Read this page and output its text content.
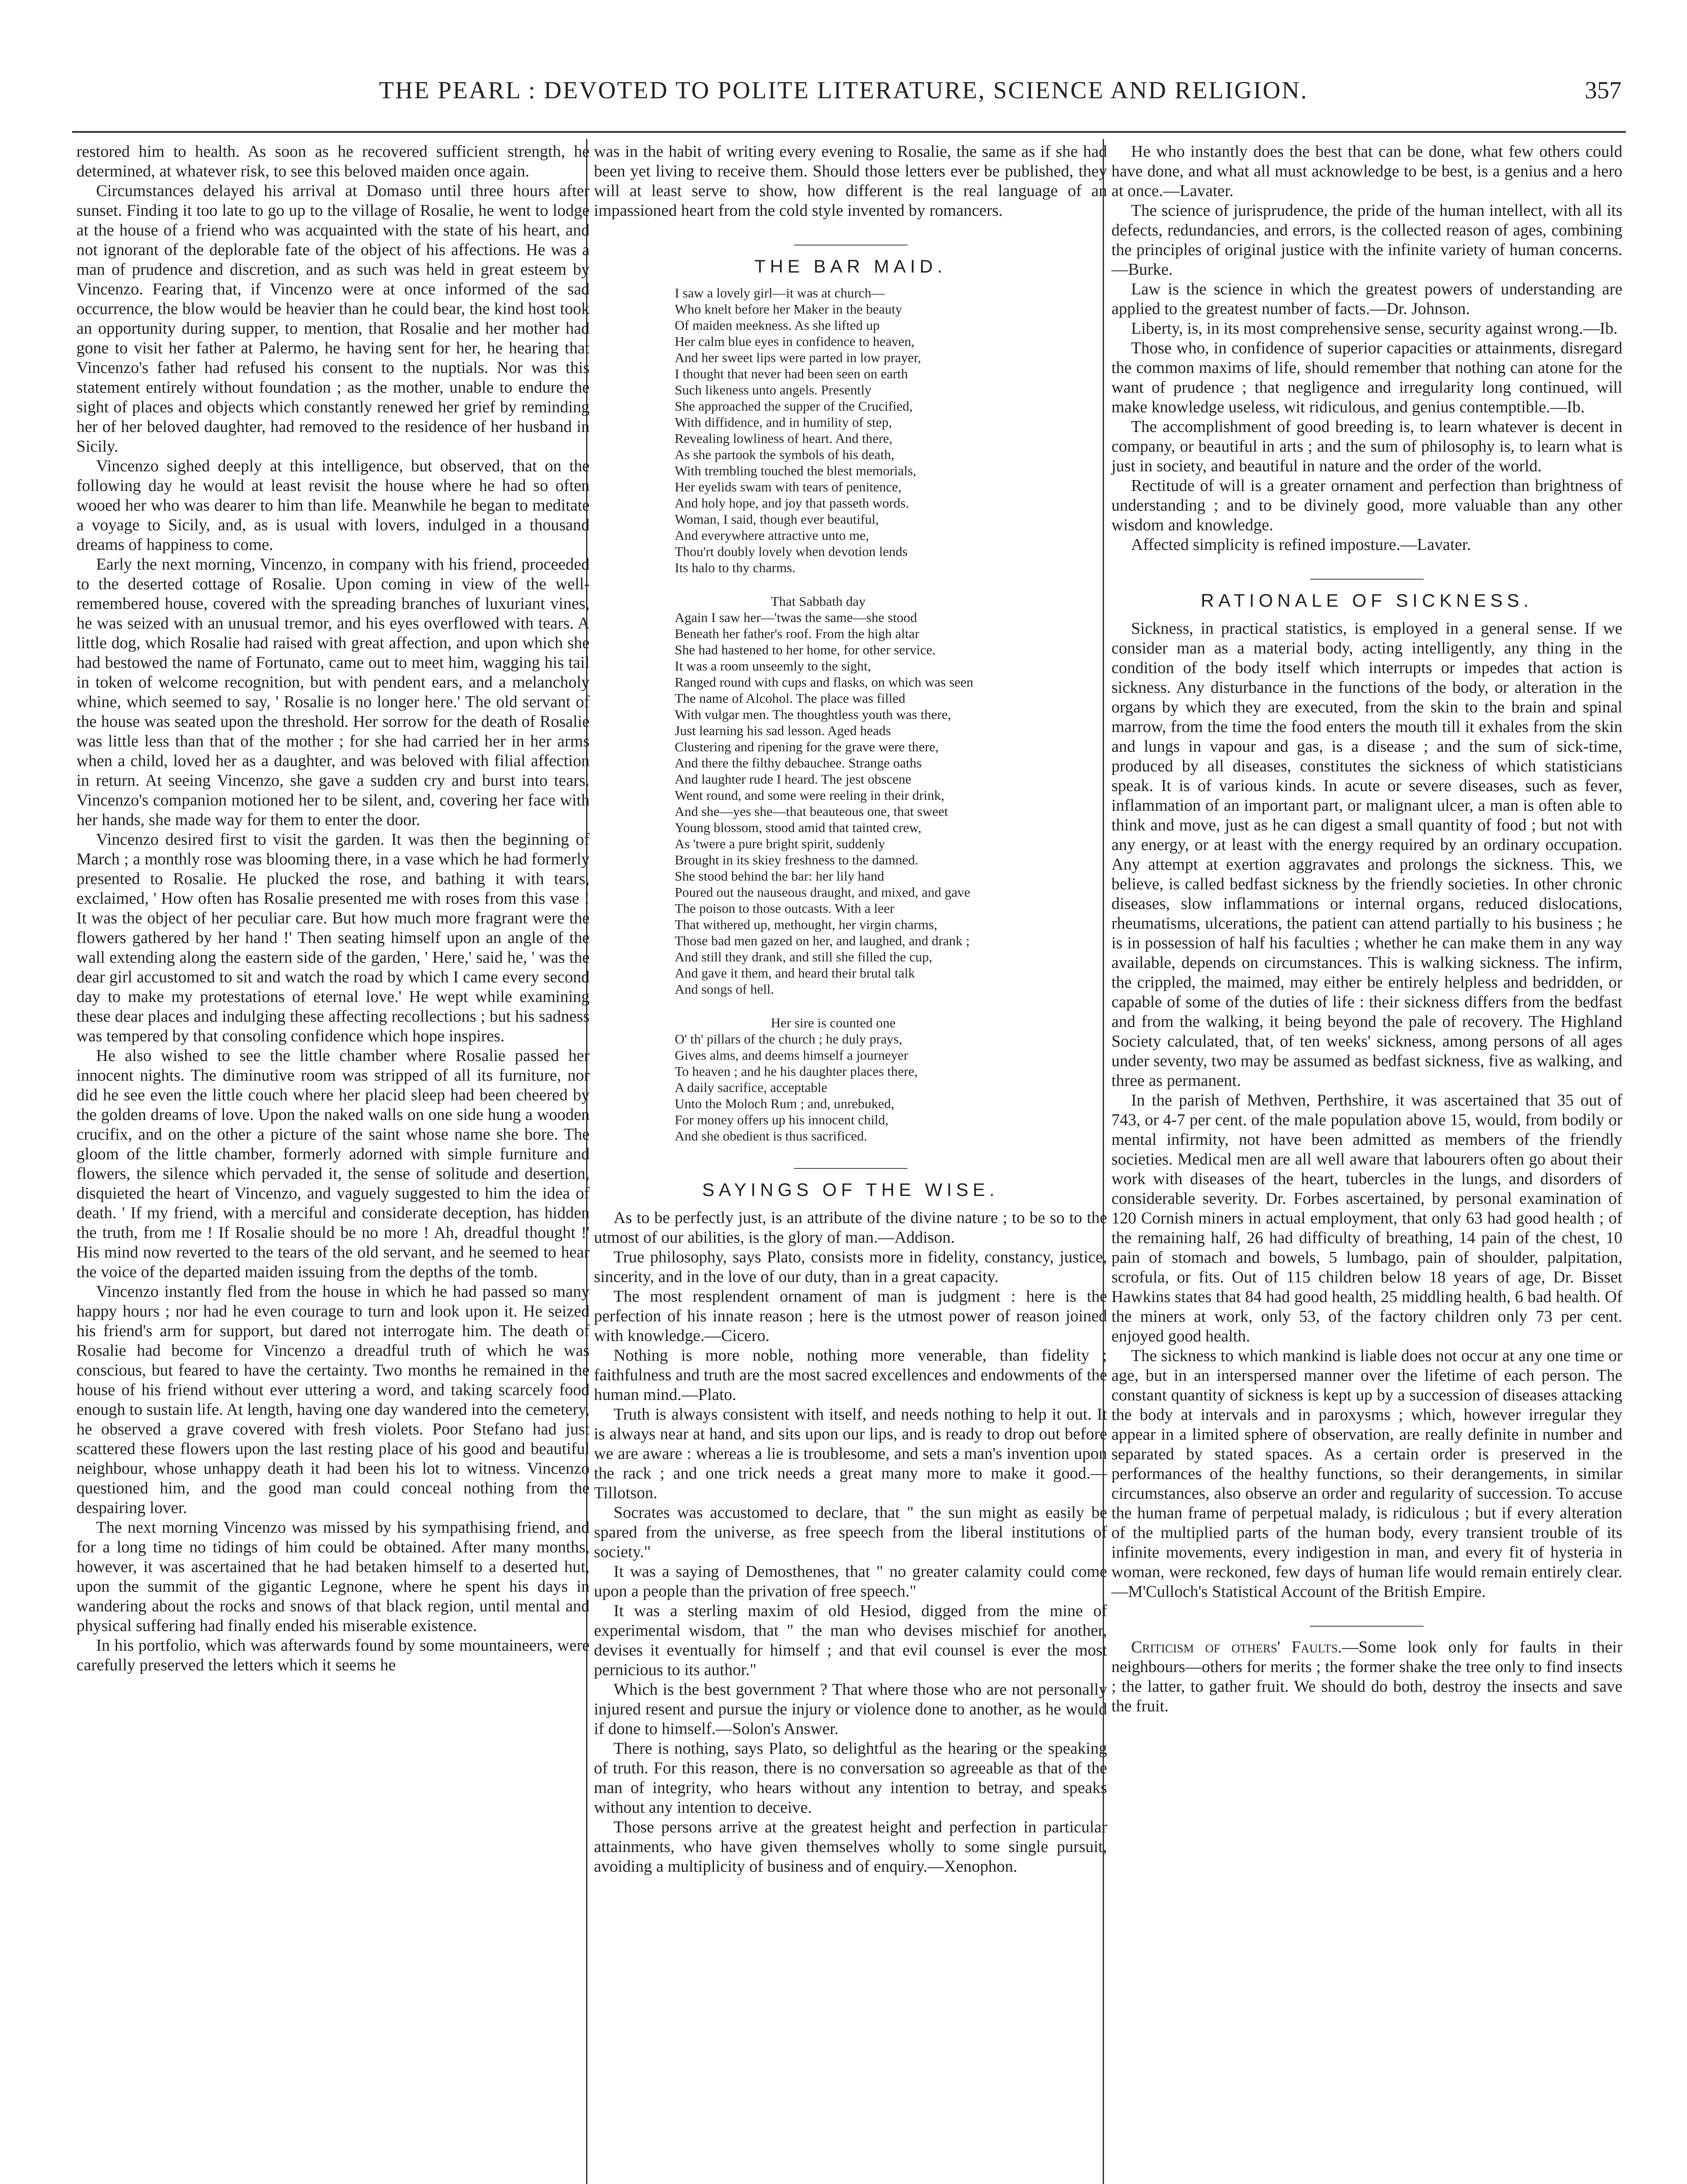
THE PEARL : DEVOTED TO POLITE LITERATURE, SCIENCE AND RELIGION.	357

restored him to health. As soon as he recovered sufficient strength, he determined, at whatever risk, to see this beloved maiden once again.

Circumstances delayed his arrival at Domaso until three hours after sunset. Finding it too late to go up to the village of Rosalie, he went to lodge at the house of a friend who was acquainted with the state of his heart, and not ignorant of the deplorable fate of the object of his affections. He was a man of prudence and discretion, and as such was held in great esteem by Vincenzo. Fearing that, if Vincenzo were at once informed of the sad occurrence, the blow would be heavier than he could bear, the kind host took an opportunity during supper, to mention, that Rosalie and her mother had gone to visit her father at Palermo, he having sent for her, he hearing that Vincenzo's father had refused his consent to the nuptials. Nor was this statement entirely without foundation ; as the mother, unable to endure the sight of places and objects which constantly renewed her grief by reminding her of her beloved daughter, had removed to the residence of her husband in Sicily.

Vincenzo sighed deeply at this intelligence, but observed, that on the following day he would at least revisit the house where he had so often wooed her who was dearer to him than life. Meanwhile he began to meditate a voyage to Sicily, and, as is usual with lovers, indulged in a thousand dreams of happiness to come.

Early the next morning, Vincenzo, in company with his friend, proceeded to the deserted cottage of Rosalie. Upon coming in view of the well-remembered house, covered with the spreading branches of luxuriant vines, he was seized with an unusual tremor, and his eyes overflowed with tears. A little dog, which Rosalie had raised with great affection, and upon which she had bestowed the name of Fortunato, came out to meet him, wagging his tail in token of welcome recognition, but with pendent ears, and a melancholy whine, which seemed to say, ' Rosalie is no longer here.' The old servant of the house was seated upon the threshold. Her sorrow for the death of Rosalie was little less than that of the mother ; for she had carried her in her arms when a child, loved her as a daughter, and was beloved with filial affection in return. At seeing Vincenzo, she gave a sudden cry and burst into tears. Vincenzo's companion motioned her to be silent, and, covering her face with her hands, she made way for them to enter the door.

Vincenzo desired first to visit the garden. It was then the beginning of March ; a monthly rose was blooming there, in a vase which he had formerly presented to Rosalie. He plucked the rose, and bathing it with tears, exclaimed, ' How often has Rosalie presented me with roses from this vase ! It was the object of her peculiar care. But how much more fragrant were the flowers gathered by her hand !' Then seating himself upon an angle of the wall extending along the eastern side of the garden, ' Here,' said he, ' was the dear girl accustomed to sit and watch the road by which I came every second day to make my protestations of eternal love.' He wept while examining these dear places and indulging these affecting recollections ; but his sadness was tempered by that consoling confidence which hope inspires.

He also wished to see the little chamber where Rosalie passed her innocent nights. The diminutive room was stripped of all its furniture, nor did he see even the little couch where her placid sleep had been cheered by the golden dreams of love. Upon the naked walls on one side hung a wooden crucifix, and on the other a picture of the saint whose name she bore. The gloom of the little chamber, formerly adorned with simple furniture and flowers, the silence which pervaded it, the sense of solitude and desertion, disquieted the heart of Vincenzo, and vaguely suggested to him the idea of death. ' If my friend, with a merciful and considerate deception, has hidden the truth, from me ! If Rosalie should be no more ! Ah, dreadful thought !' His mind now reverted to the tears of the old servant, and he seemed to hear the voice of the departed maiden issuing from the depths of the tomb.

Vincenzo instantly fled from the house in which he had passed so many happy hours ; nor had he even courage to turn and look upon it. He seized his friend's arm for support, but dared not interrogate him. The death of Rosalie had become for Vincenzo a dreadful truth of which he was conscious, but feared to have the certainty. Two months he remained in the house of his friend without ever uttering a word, and taking scarcely food enough to sustain life. At length, having one day wandered into the cemetery, he observed a grave covered with fresh violets. Poor Stefano had just scattered these flowers upon the last resting place of his good and beautiful neighbour, whose unhappy death it had been his lot to witness. Vincenzo questioned him, and the good man could conceal nothing from the despairing lover.

The next morning Vincenzo was missed by his sympathising friend, and for a long time no tidings of him could be obtained. After many months, however, it was ascertained that he had betaken himself to a deserted hut, upon the summit of the gigantic Legnone, where he spent his days in wandering about the rocks and snows of that black region, until mental and physical suffering had finally ended his miserable existence.

In his portfolio, which was afterwards found by some mountaineers, were carefully preserved the letters which it seems he

was in the habit of writing every evening to Rosalie, the same as if she had been yet living to receive them. Should those letters ever be published, they will at least serve to show, how different is the real language of an impassioned heart from the cold style invented by romancers.

THE BAR MAID.
I saw a lovely girl—it was at church—
Who knelt before her Maker in the beauty
Of maiden meekness. As she lifted up
Her calm blue eyes in confidence to heaven,
And her sweet lips were parted in low prayer,
I thought that never had been seen on earth
Such likeness unto angels. Presently
She approached the supper of the Crucified,
With diffidence, and in humility of step,
Revealing lowliness of heart. And there,
As she partook the symbols of his death,
With trembling touched the blest memorials,
Her eyelids swam with tears of penitence,
And holy hope, and joy that passeth words.
Woman, I said, though ever beautiful,
And everywhere attractive unto me,
Thou'rt doubly lovely when devotion lends
Its halo to thy charms.
That Sabbath day
Again I saw her—'twas the same—she stood
Beneath her father's roof. From the high altar
She had hastened to her home, for other service.
It was a room unseemly to the sight,
Ranged round with cups and flasks, on which was seen
The name of Alcohol. The place was filled
With vulgar men. The thoughtless youth was there,
Just learning his sad lesson. Aged heads
Clustering and ripening for the grave were there,
And there the filthy debauchee. Strange oaths
And laughter rude I heard. The jest obscene
Went round, and some were reeling in their drink,
And she—yes she—that beauteous one, that sweet
Young blossom, stood amid that tainted crew,
As 'twere a pure bright spirit, suddenly
Brought in its skiey freshness to the damned.
She stood behind the bar: her lily hand
Poured out the nauseous draught, and mixed, and gave
The poison to those outcasts. With a leer
That withered up, methought, her virgin charms,
Those bad men gazed on her, and laughed, and drank ;
And still they drank, and still she filled the cup,
And gave it them, and heard their brutal talk
And songs of hell.
Her sire is counted one
O' th' pillars of the church ; he duly prays,
Gives alms, and deems himself a journeyer
To heaven ; and he his daughter places there,
A daily sacrifice, acceptable
Unto the Moloch Rum ; and, unrebuked,
For money offers up his innocent child,
And she obedient is thus sacrificed.
SAYINGS OF THE WISE.

As to be perfectly just, is an attribute of the divine nature ; to be so to the utmost of our abilities, is the glory of man.—Addison.

True philosophy, says Plato, consists more in fidelity, constancy, justice, sincerity, and in the love of our duty, than in a great capacity.

The most resplendent ornament of man is judgment : here is the perfection of his innate reason ; here is the utmost power of reason joined with knowledge.—Cicero.

Nothing is more noble, nothing more venerable, than fidelity ; faithfulness and truth are the most sacred excellences and endowments of the human mind.—Plato.

Truth is always consistent with itself, and needs nothing to help it out. It is always near at hand, and sits upon our lips, and is ready to drop out before we are aware : whereas a lie is troublesome, and sets a man's invention upon the rack ; and one trick needs a great many more to make it good.—Tillotson.

Socrates was accustomed to declare, that " the sun might as easily be spared from the universe, as free speech from the liberal institutions of society."

It was a saying of Demosthenes, that " no greater calamity could come upon a people than the privation of free speech."

It was a sterling maxim of old Hesiod, digged from the mine of experimental wisdom, that " the man who devises mischief for another, devises it eventually for himself ; and that evil counsel is ever the most pernicious to its author."

Which is the best government ? That where those who are not personally injured resent and pursue the injury or violence done to another, as he would if done to himself.—Solon's Answer.

There is nothing, says Plato, so delightful as the hearing or the speaking of truth. For this reason, there is no conversation so agreeable as that of the man of integrity, who hears without any intention to betray, and speaks without any intention to deceive.

Those persons arrive at the greatest height and perfection in particular attainments, who have given themselves wholly to some single pursuit, avoiding a multiplicity of business and of enquiry.—Xenophon.

He who instantly does the best that can be done, what few others could have done, and what all must acknowledge to be best, is a genius and a hero at once.—Lavater.

The science of jurisprudence, the pride of the human intellect, with all its defects, redundancies, and errors, is the collected reason of ages, combining the principles of original justice with the infinite variety of human concerns.—Burke.

Law is the science in which the greatest powers of understanding are applied to the greatest number of facts.—Dr. Johnson.

Liberty, is, in its most comprehensive sense, security against wrong.—Ib.

Those who, in confidence of superior capacities or attainments, disregard the common maxims of life, should remember that nothing can atone for the want of prudence ; that negligence and irregularity long continued, will make knowledge useless, wit ridiculous, and genius contemptible.—Ib.

The accomplishment of good breeding is, to learn whatever is decent in company, or beautiful in arts ; and the sum of philosophy is, to learn what is just in society, and beautiful in nature and the order of the world.

Rectitude of will is a greater ornament and perfection than brightness of understanding ; and to be divinely good, more valuable than any other wisdom and knowledge.

Affected simplicity is refined imposture.—Lavater.

RATIONALE OF SICKNESS.

Sickness, in practical statistics, is employed in a general sense. If we consider man as a material body, acting intelligently, any thing in the condition of the body itself which interrupts or impedes that action is sickness. Any disturbance in the functions of the body, or alteration in the organs by which they are executed, from the skin to the brain and spinal marrow, from the time the food enters the mouth till it exhales from the skin and lungs in vapour and gas, is a disease ; and the sum of sick-time, produced by all diseases, constitutes the sickness of which statisticians speak. It is of various kinds. In acute or severe diseases, such as fever, inflammation of an important part, or malignant ulcer, a man is often able to think and move, just as he can digest a small quantity of food ; but not with any energy, or at least with the energy required by an ordinary occupation. Any attempt at exertion aggravates and prolongs the sickness. This, we believe, is called bedfast sickness by the friendly societies. In other chronic diseases, slow inflammations or internal organs, reduced dislocations, rheumatisms, ulcerations, the patient can attend partially to his business ; he is in possession of half his faculties ; whether he can make them in any way available, depends on circumstances. This is walking sickness. The infirm, the crippled, the maimed, may either be entirely helpless and bedridden, or capable of some of the duties of life : their sickness differs from the bedfast and from the walking, it being beyond the pale of recovery. The Highland Society calculated, that, of ten weeks' sickness, among persons of all ages under seventy, two may be assumed as bedfast sickness, five as walking, and three as permanent.

In the parish of Methven, Perthshire, it was ascertained that 35 out of 743, or 4-7 per cent. of the male population above 15, would, from bodily or mental infirmity, not have been admitted as members of the friendly societies. Medical men are all well aware that labourers often go about their work with diseases of the heart, tubercles in the lungs, and disorders of considerable severity. Dr. Forbes ascertained, by personal examination of 120 Cornish miners in actual employment, that only 63 had good health ; of the remaining half, 26 had difficulty of breathing, 14 pain of the chest, 10 pain of stomach and bowels, 5 lumbago, pain of shoulder, palpitation, scrofula, or fits. Out of 115 children below 18 years of age, Dr. Bisset Hawkins states that 84 had good health, 25 middling health, 6 bad health. Of the miners at work, only 53, of the factory children only 73 per cent. enjoyed good health.

The sickness to which mankind is liable does not occur at any one time or age, but in an interspersed manner over the lifetime of each person. The constant quantity of sickness is kept up by a succession of diseases attacking the body at intervals and in paroxysms ; which, however irregular they appear in a limited sphere of observation, are really definite in number and separated by stated spaces. As a certain order is preserved in the performances of the healthy functions, so their derangements, in similar circumstances, also observe an order and regularity of succession. To accuse the human frame of perpetual malady, is ridiculous ; but if every alteration of the multiplied parts of the human body, every transient trouble of its infinite movements, every indigestion in man, and every fit of hysteria in woman, were reckoned, few days of human life would remain entirely clear.—M'Culloch's Statistical Account of the British Empire.

Criticism of others' Faults.—Some look only for faults in their neighbours—others for merits ; the former shake the tree only to find insects ; the latter, to gather fruit. We should do both, destroy the insects and save the fruit.
